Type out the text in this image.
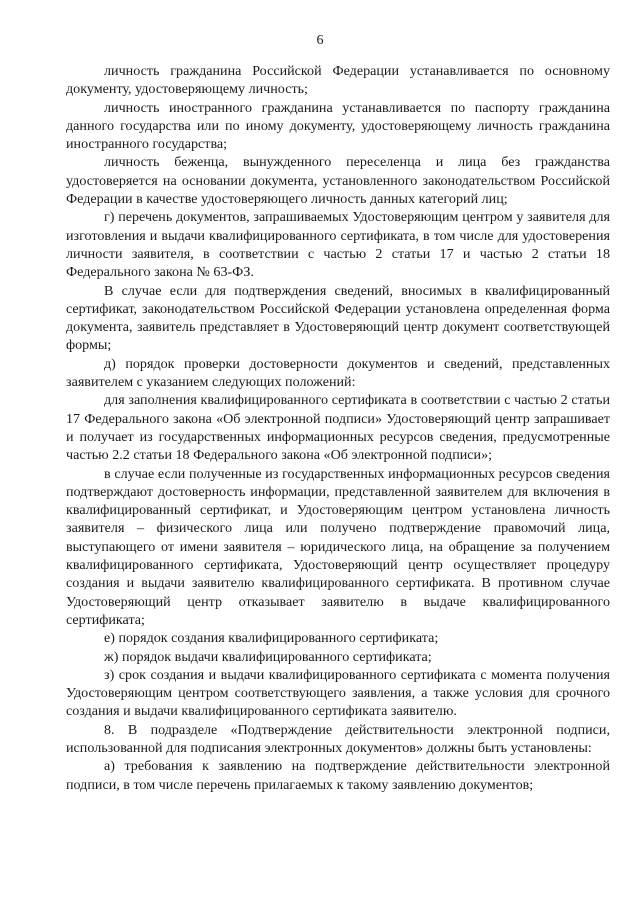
6

личность гражданина Российской Федерации устанавливается по основному документу, удостоверяющему личность;

личность иностранного гражданина устанавливается по паспорту гражданина данного государства или по иному документу, удостоверяющему личность гражданина иностранного государства;

личность беженца, вынужденного переселенца и лица без гражданства удостоверяется на основании документа, установленного законодательством Российской Федерации в качестве удостоверяющего личность данных категорий лиц;

г) перечень документов, запрашиваемых Удостоверяющим центром у заявителя для изготовления и выдачи квалифицированного сертификата, в том числе для удостоверения личности заявителя, в соответствии с частью 2 статьи 17 и частью 2 статьи 18 Федерального закона № 63-ФЗ.

В случае если для подтверждения сведений, вносимых в квалифицированный сертификат, законодательством Российской Федерации установлена определенная форма документа, заявитель представляет в Удостоверяющий центр документ соответствующей формы;

д) порядок проверки достоверности документов и сведений, представленных заявителем с указанием следующих положений:

для заполнения квалифицированного сертификата в соответствии с частью 2 статьи 17 Федерального закона «Об электронной подписи» Удостоверяющий центр запрашивает и получает из государственных информационных ресурсов сведения, предусмотренные частью 2.2 статьи 18 Федерального закона «Об электронной подписи»;

в случае если полученные из государственных информационных ресурсов сведения подтверждают достоверность информации, представленной заявителем для включения в квалифицированный сертификат, и Удостоверяющим центром установлена личность заявителя – физического лица или получено подтверждение правомочий лица, выступающего от имени заявителя – юридического лица, на обращение за получением квалифицированного сертификата, Удостоверяющий центр осуществляет процедуру создания и выдачи заявителю квалифицированного сертификата. В противном случае Удостоверяющий центр отказывает заявителю в выдаче квалифицированного сертификата;

е) порядок создания квалифицированного сертификата;

ж) порядок выдачи квалифицированного сертификата;

з) срок создания и выдачи квалифицированного сертификата с момента получения Удостоверяющим центром соответствующего заявления, а также условия для срочного создания и выдачи квалифицированного сертификата заявителю.

8. В подразделе «Подтверждение действительности электронной подписи, использованной для подписания электронных документов» должны быть установлены:

а) требования к заявлению на подтверждение действительности электронной подписи, в том числе перечень прилагаемых к такому заявлению документов;
